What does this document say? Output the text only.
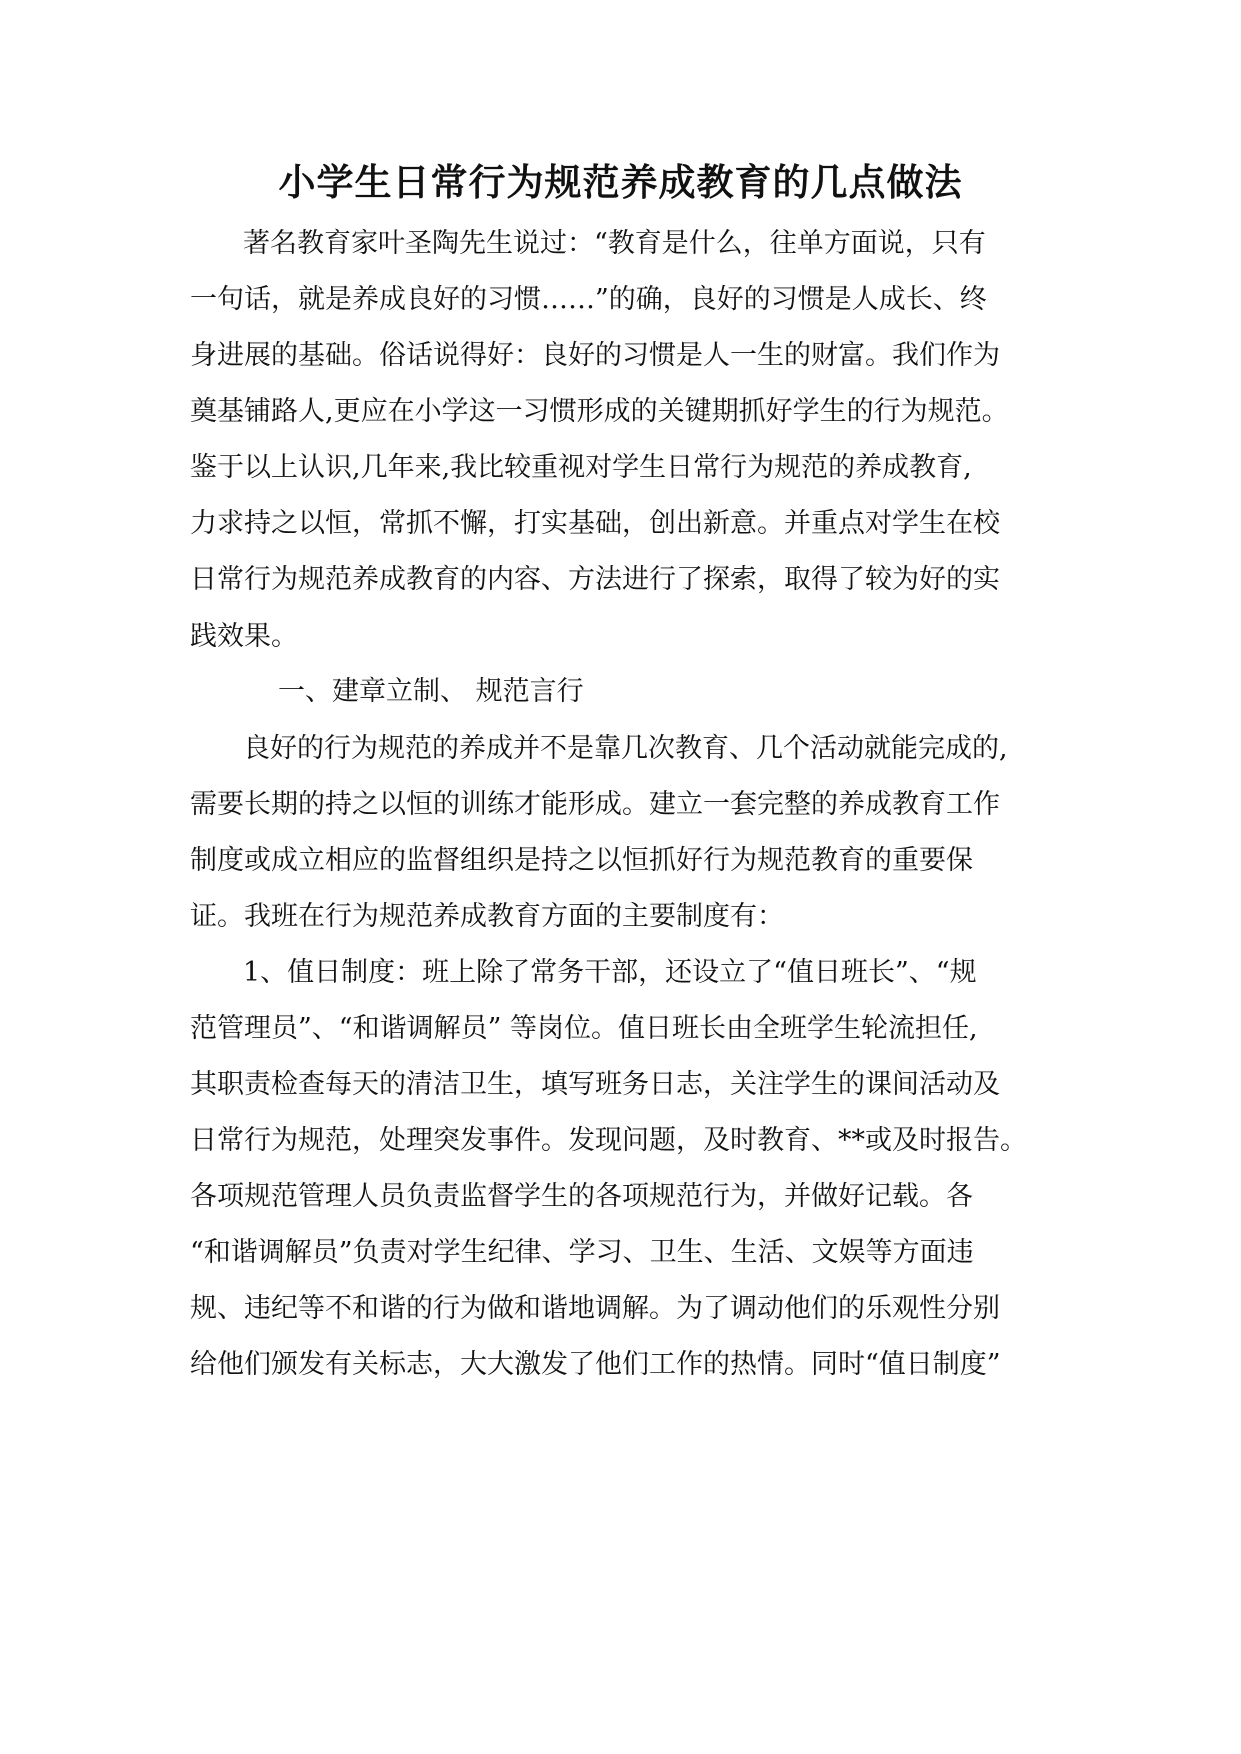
小学生日常行为规范养成教育的几点做法
著名教育家叶圣陶先生说过：“教育是什么，往单方面说，只有
一句话，就是养成良好的习惯……”的确，良好的习惯是人成长、终
身进展的基础。俗话说得好：良好的习惯是人一生的财富。我们作为
奠基铺路人,更应在小学这一习惯形成的关键期抓好学生的行为规范。
鉴于以上认识,几年来,我比较重视对学生日常行为规范的养成教育,
力求持之以恒，常抓不懈，打实基础，创出新意。并重点对学生在校
日常行为规范养成教育的内容、方法进行了探索，取得了较为好的实
践效果。
一、建章立制、 规范言行
良好的行为规范的养成并不是靠几次教育、几个活动就能完成的,
需要长期的持之以恒的训练才能形成。建立一套完整的养成教育工作
制度或成立相应的监督组织是持之以恒抓好行为规范教育的重要保
证。我班在行为规范养成教育方面的主要制度有：
1、值日制度：班上除了常务干部，还设立了“值日班长”、“规
范管理员”、“和谐调解员” 等岗位。值日班长由全班学生轮流担任,
其职责检查每天的清洁卫生，填写班务日志，关注学生的课间活动及
日常行为规范，处理突发事件。发现问题，及时教育、**或及时报告。
各项规范管理人员负责监督学生的各项规范行为，并做好记载。各
“和谐调解员”负责对学生纪律、学习、卫生、生活、文娱等方面违
规、违纪等不和谐的行为做和谐地调解。为了调动他们的乐观性分别
给他们颁发有关标志，大大激发了他们工作的热情。同时“值日制度”
